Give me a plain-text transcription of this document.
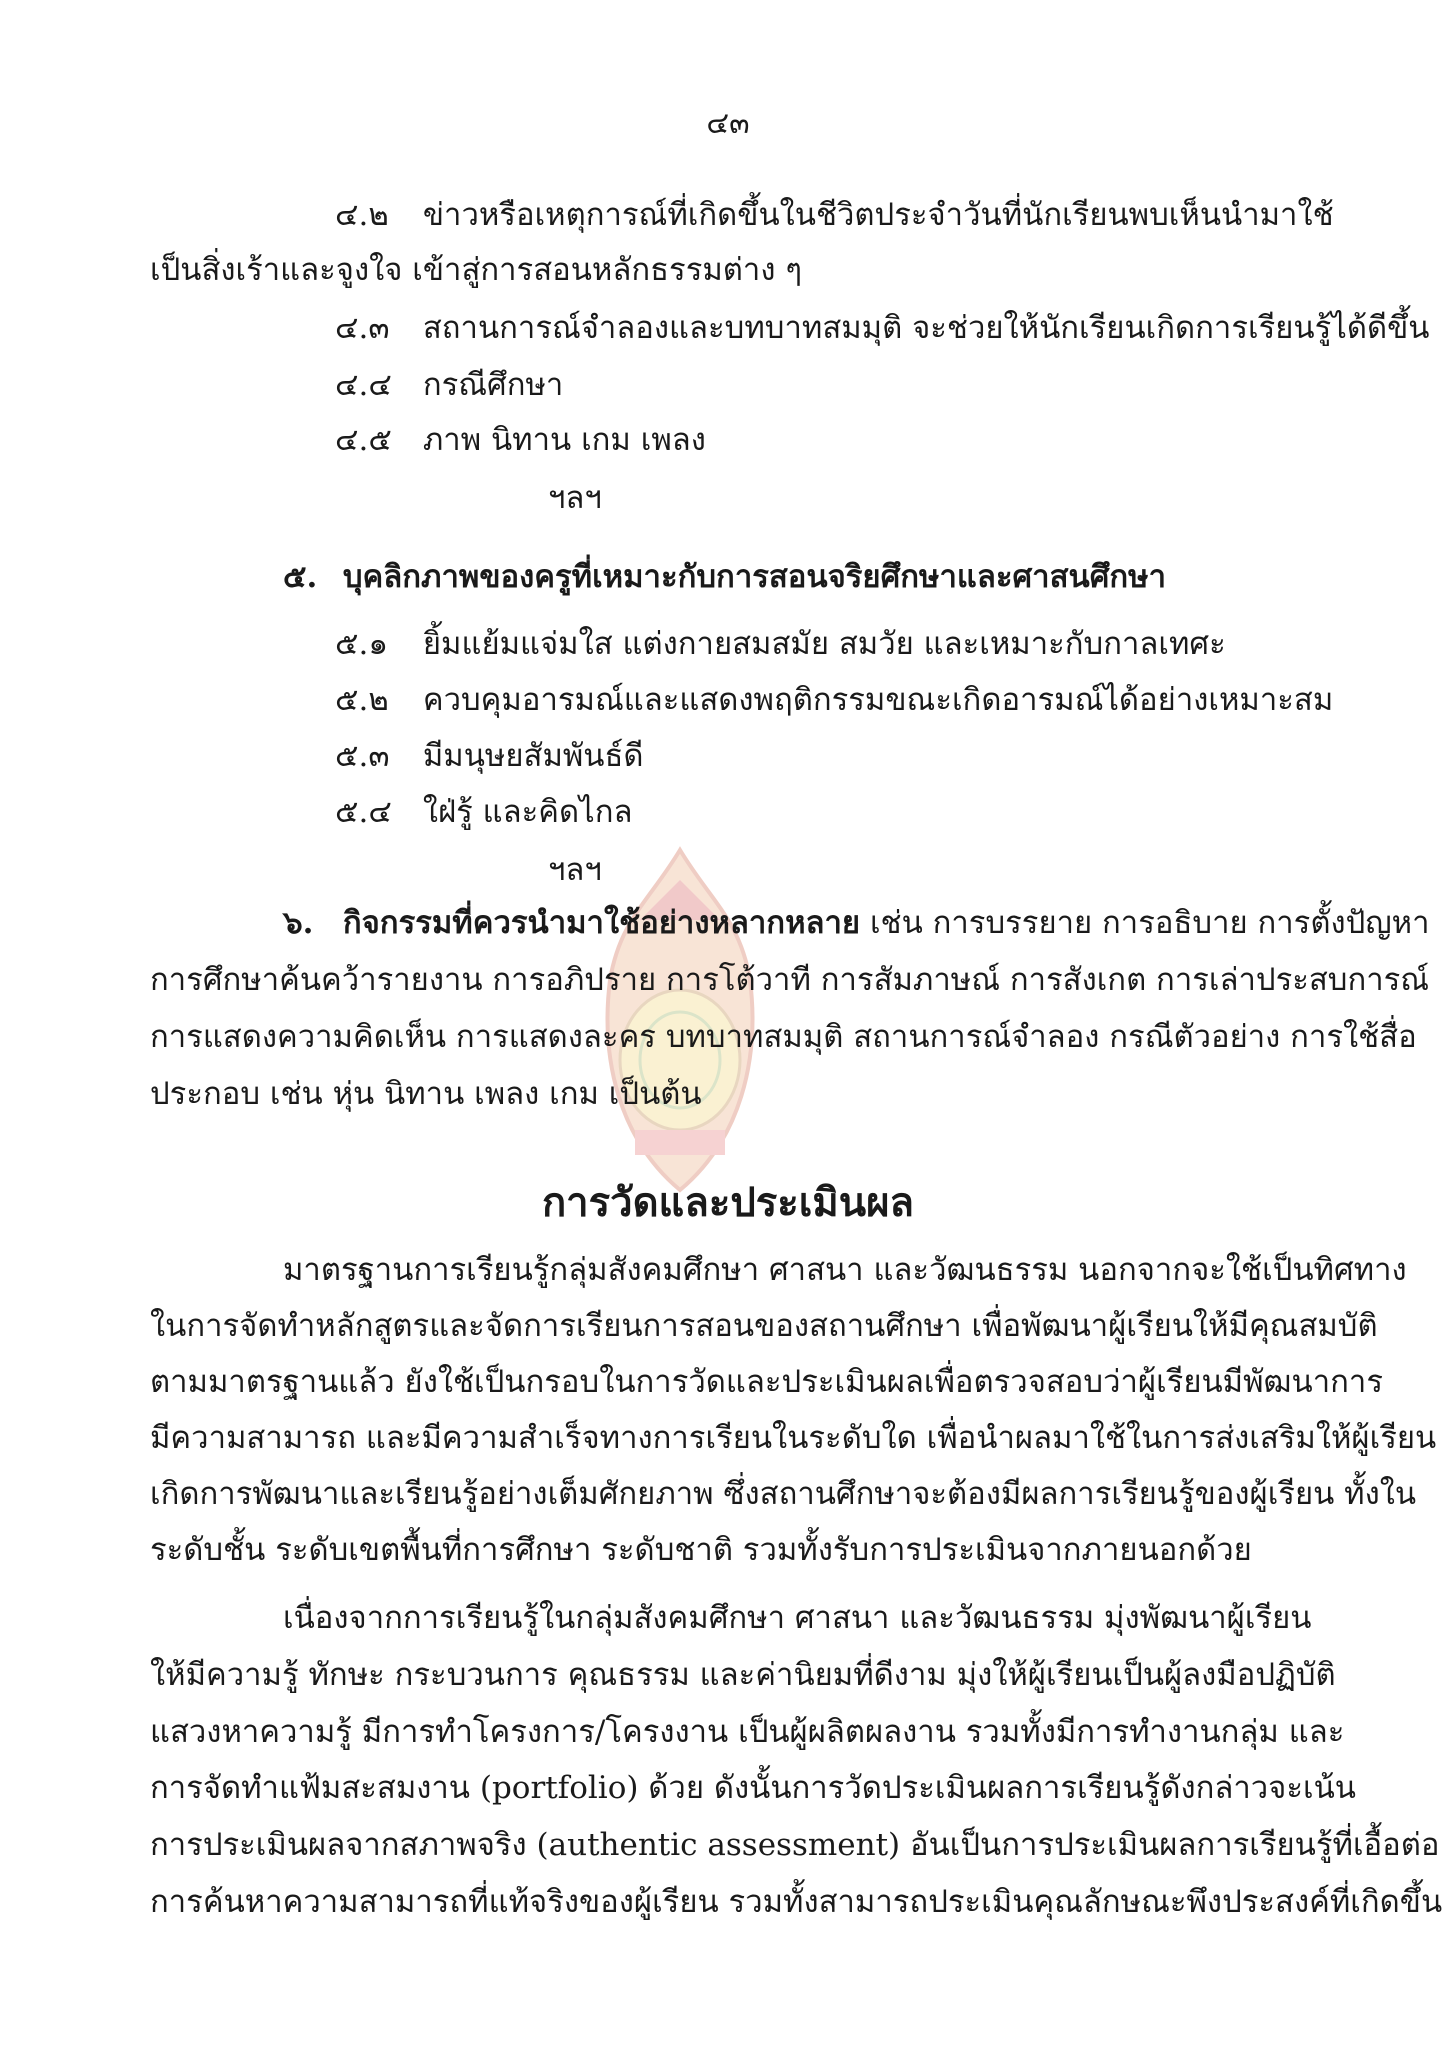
๔๓
๔.๒ ข่าวหรือเหตุการณ์ที่เกิดขึ้นในชีวิตประจำวันที่นักเรียนพบเห็นนำมาใช้
เป็นสิ่งเร้าและจูงใจ เข้าสู่การสอนหลักธรรมต่าง ๆ
๔.๓ สถานการณ์จำลองและบทบาทสมมุติ จะช่วยให้นักเรียนเกิดการเรียนรู้ได้ดีขึ้น
๔.๔ กรณีศึกษา
๔.๕ ภาพ นิทาน เกม เพลง
ฯลฯ
๕. บุคลิกภาพของครูที่เหมาะกับการสอนจริยศึกษาและศาสนศึกษา
๕.๑ ยิ้มแย้มแจ่มใส แต่งกายสมสมัย สมวัย และเหมาะกับกาลเทศะ
๕.๒ ควบคุมอารมณ์และแสดงพฤติกรรมขณะเกิดอารมณ์ได้อย่างเหมาะสม
๕.๓ มีมนุษยสัมพันธ์ดี
๕.๔ ใฝ่รู้ และคิดไกล
ฯลฯ
๖. กิจกรรมที่ควรนำมาใช้อย่างหลากหลาย เช่น การบรรยาย การอธิบาย การตั้งปัญหา
การศึกษาค้นคว้ารายงาน การอภิปราย การโต้วาที การสัมภาษณ์ การสังเกต การเล่าประสบการณ์
การแสดงความคิดเห็น การแสดงละคร บทบาทสมมุติ สถานการณ์จำลอง กรณีตัวอย่าง การใช้สื่อ
ประกอบ เช่น หุ่น นิทาน เพลง เกม เป็นต้น
การวัดและประเมินผล
มาตรฐานการเรียนรู้กลุ่มสังคมศึกษา ศาสนา และวัฒนธรรม นอกจากจะใช้เป็นทิศทาง
ในการจัดทำหลักสูตรและจัดการเรียนการสอนของสถานศึกษา เพื่อพัฒนาผู้เรียนให้มีคุณสมบัติ
ตามมาตรฐานแล้ว ยังใช้เป็นกรอบในการวัดและประเมินผลเพื่อตรวจสอบว่าผู้เรียนมีพัฒนาการ
มีความสามารถ และมีความสำเร็จทางการเรียนในระดับใด เพื่อนำผลมาใช้ในการส่งเสริมให้ผู้เรียน
เกิดการพัฒนาและเรียนรู้อย่างเต็มศักยภาพ ซึ่งสถานศึกษาจะต้องมีผลการเรียนรู้ของผู้เรียน ทั้งใน
ระดับชั้น ระดับเขตพื้นที่การศึกษา ระดับชาติ รวมทั้งรับการประเมินจากภายนอกด้วย
เนื่องจากการเรียนรู้ในกลุ่มสังคมศึกษา ศาสนา และวัฒนธรรม มุ่งพัฒนาผู้เรียน
ให้มีความรู้ ทักษะ กระบวนการ คุณธรรม และค่านิยมที่ดีงาม มุ่งให้ผู้เรียนเป็นผู้ลงมือปฏิบัติ
แสวงหาความรู้ มีการทำโครงการ/โครงงาน เป็นผู้ผลิตผลงาน รวมทั้งมีการทำงานกลุ่ม และ
การจัดทำแฟ้มสะสมงาน (portfolio) ด้วย ดังนั้นการวัดประเมินผลการเรียนรู้ดังกล่าวจะเน้น
การประเมินผลจากสภาพจริง (authentic assessment) อันเป็นการประเมินผลการเรียนรู้ที่เอื้อต่อ
การค้นหาความสามารถที่แท้จริงของผู้เรียน รวมทั้งสามารถประเมินคุณลักษณะพึงประสงค์ที่เกิดขึ้น
